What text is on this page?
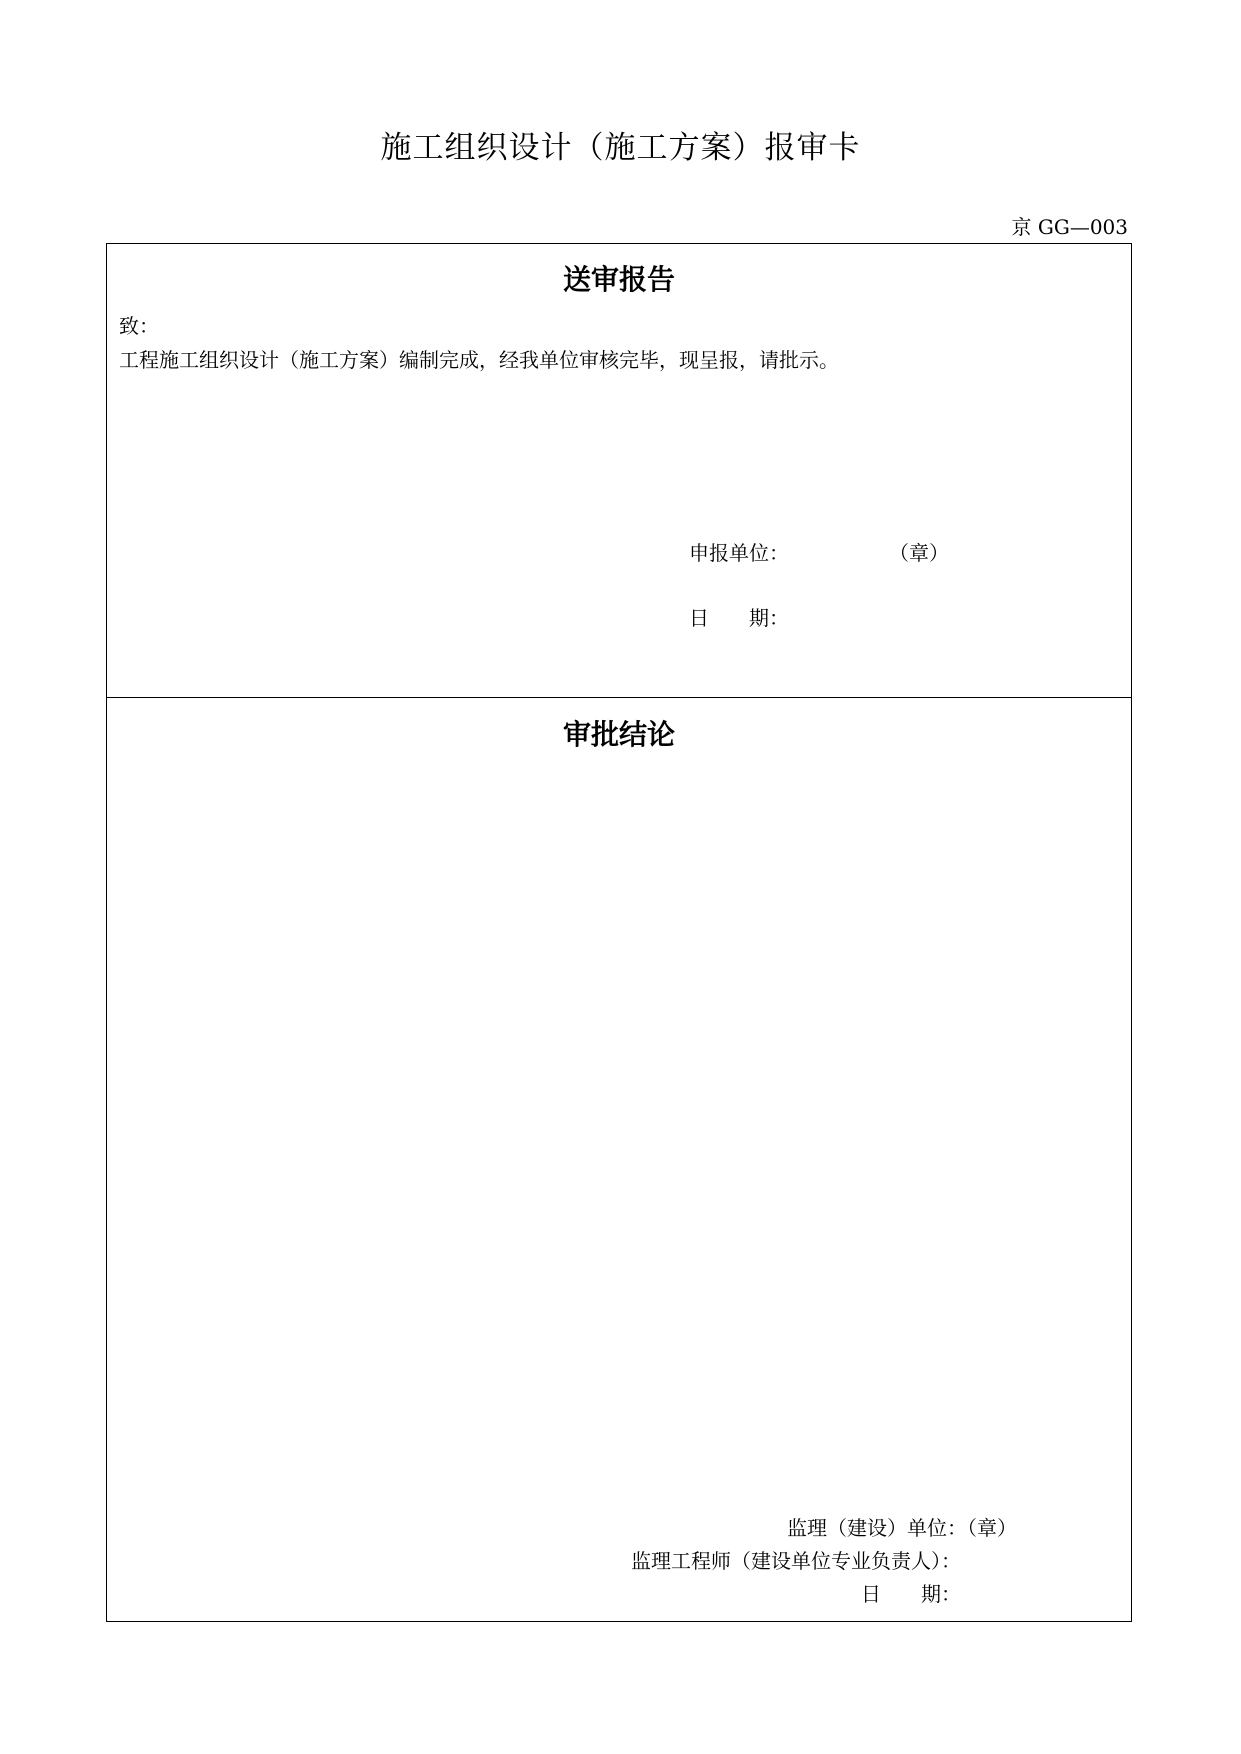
施工组织设计（施工方案）报审卡
京 GG—003
送审报告
致：
工程施工组织设计（施工方案）编制完成，经我单位审核完毕，现呈报，请批示。
申报单位：	（章）
日　　期：
审批结论
监理（建设）单位：（章）
监理工程师（建设单位专业负责人）：
日　　期：
